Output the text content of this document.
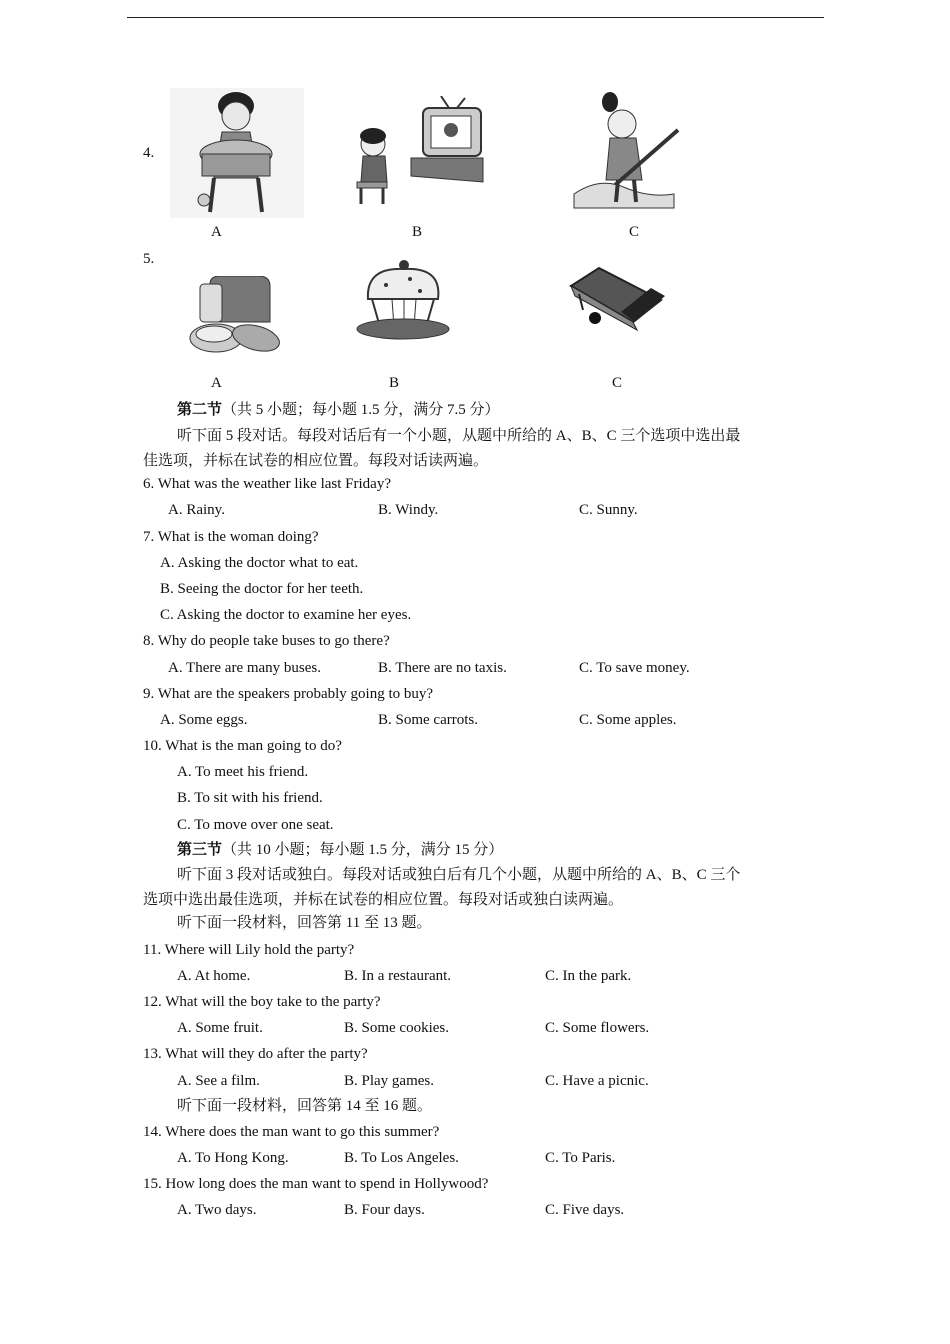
4.
A	B	C
5.
A	B	C
第二节（共 5 小题；每小题 1.5 分，满分 7.5 分）
听下面 5 段对话。每段对话后有一个小题，从题中所给的 A、B、C 三个选项中选出最
佳选项，并标在试卷的相应位置。每段对话读两遍。
6. What was the weather like last Friday?
A. Rainy.	B. Windy.	C. Sunny.
7. What is the woman doing?
A. Asking the doctor what to eat.
B. Seeing the doctor for her teeth.
C. Asking the doctor to examine her eyes.
8. Why do people take buses to go there?
A. There are many buses.	B. There are no taxis.	C. To save money.
9. What are the speakers probably going to buy?
A. Some eggs.	B. Some carrots.	C. Some apples.
10. What is the man going to do?
A. To meet his friend.
B. To sit with his friend.
C. To move over one seat.
第三节（共 10 小题；每小题 1.5 分，满分 15 分）
听下面 3 段对话或独白。每段对话或独白后有几个小题，从题中所给的 A、B、C 三个
选项中选出最佳选项，并标在试卷的相应位置。每段对话或独白读两遍。
听下面一段材料，回答第 11 至 13 题。
11. Where will Lily hold the party?
A. At home.	B. In a restaurant.	C. In the park.
12. What will the boy take to the party?
A. Some fruit.	B. Some cookies.	C. Some flowers.
13. What will they do after the party?
A. See a film.	B. Play games.	C. Have a picnic.
听下面一段材料，回答第 14 至 16 题。
14. Where does the man want to go this summer?
A. To Hong Kong.	B. To Los Angeles.	C. To Paris.
15. How long does the man want to spend in Hollywood?
A. Two days.	B. Four days.	C. Five days.
